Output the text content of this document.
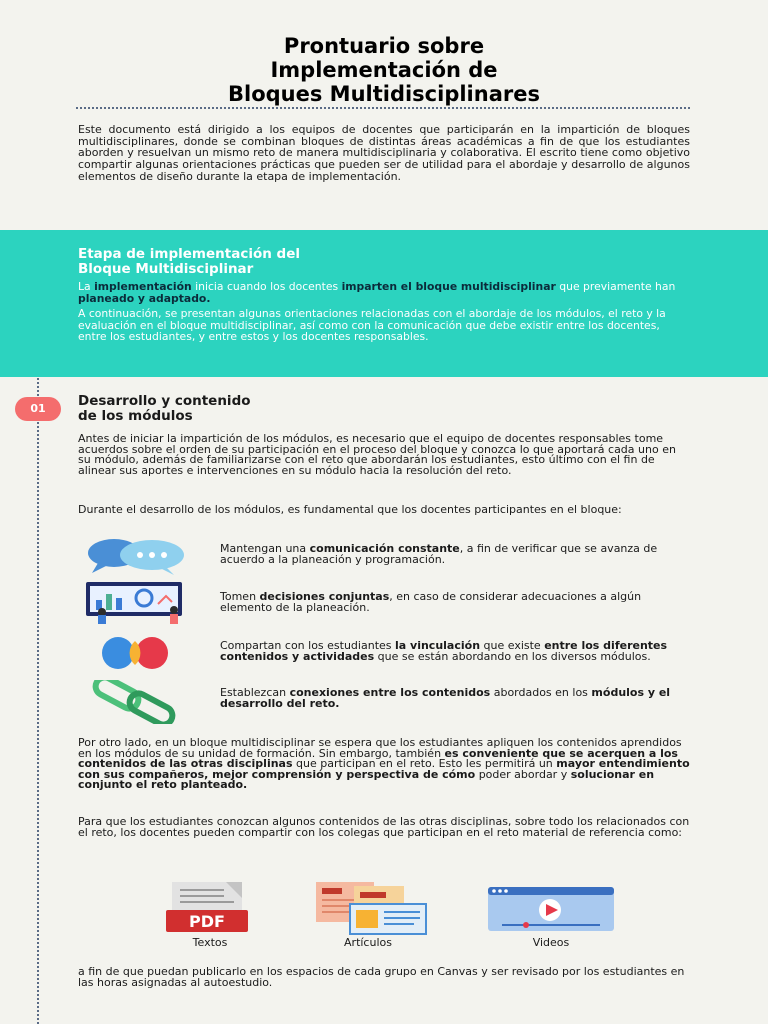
Prontuario sobre
Implementación de
Bloques Multidisciplinares

Este documento está dirigido a los equipos de docentes que participarán en la impartición de bloques multidisciplinares, donde se combinan bloques de distintas áreas académicas a fin de que los estudiantes aborden y resuelvan un mismo reto de manera multidisciplinaria y colaborativa. El escrito tiene como objetivo compartir algunas orientaciones prácticas que pueden ser de utilidad para el abordaje y desarrollo de algunos elementos de diseño durante la etapa de implementación.

Etapa de implementación del
Bloque Multidisciplinar

La implementación inicia cuando los docentes imparten el bloque multidisciplinar que previamente han planeado y adaptado.

A continuación, se presentan algunas orientaciones relacionadas con el abordaje de los módulos, el reto y la evaluación en el bloque multidisciplinar, así como con la comunicación que debe existir entre los docentes, entre los estudiantes, y entre estos y los docentes responsables.

01	Desarrollo y contenido
de los módulos

Antes de iniciar la impartición de los módulos, es necesario que el equipo de docentes responsables tome acuerdos sobre el orden de su participación en el proceso del bloque y conozca lo que aportará cada uno en su módulo, además de familiarizarse con el reto que abordarán los estudiantes, esto último con el fin de alinear sus aportes e intervenciones en su módulo hacia la resolución del reto.

Durante el desarrollo de los módulos, es fundamental que los docentes participantes en el bloque:

Mantengan una comunicación constante, a fin de verificar que se avanza de acuerdo a la planeación y programación.

Tomen decisiones conjuntas, en caso de considerar adecuaciones a algún elemento de la planeación.

Compartan con los estudiantes la vinculación que existe entre los diferentes contenidos y actividades que se están abordando en los diversos módulos.

Establezcan conexiones entre los contenidos abordados en los módulos y el desarrollo del reto.

Por otro lado, en un bloque multidisciplinar se espera que los estudiantes apliquen los contenidos aprendidos en los módulos de su unidad de formación. Sin embargo, también es conveniente que se acerquen a los contenidos de las otras disciplinas que participan en el reto. Esto les permitirá un mayor entendimiento con sus compañeros, mejor comprensión y perspectiva de cómo poder abordar y solucionar en conjunto el reto planteado.

Para que los estudiantes conozcan algunos contenidos de las otras disciplinas, sobre todo los relacionados con el reto, los docentes pueden compartir con los colegas que participan en el reto material de referencia como:

PDF
Textos	Artículos	Videos

a fin de que puedan publicarlo en los espacios de cada grupo en Canvas y ser revisado por los estudiantes en las horas asignadas al autoestudio.
